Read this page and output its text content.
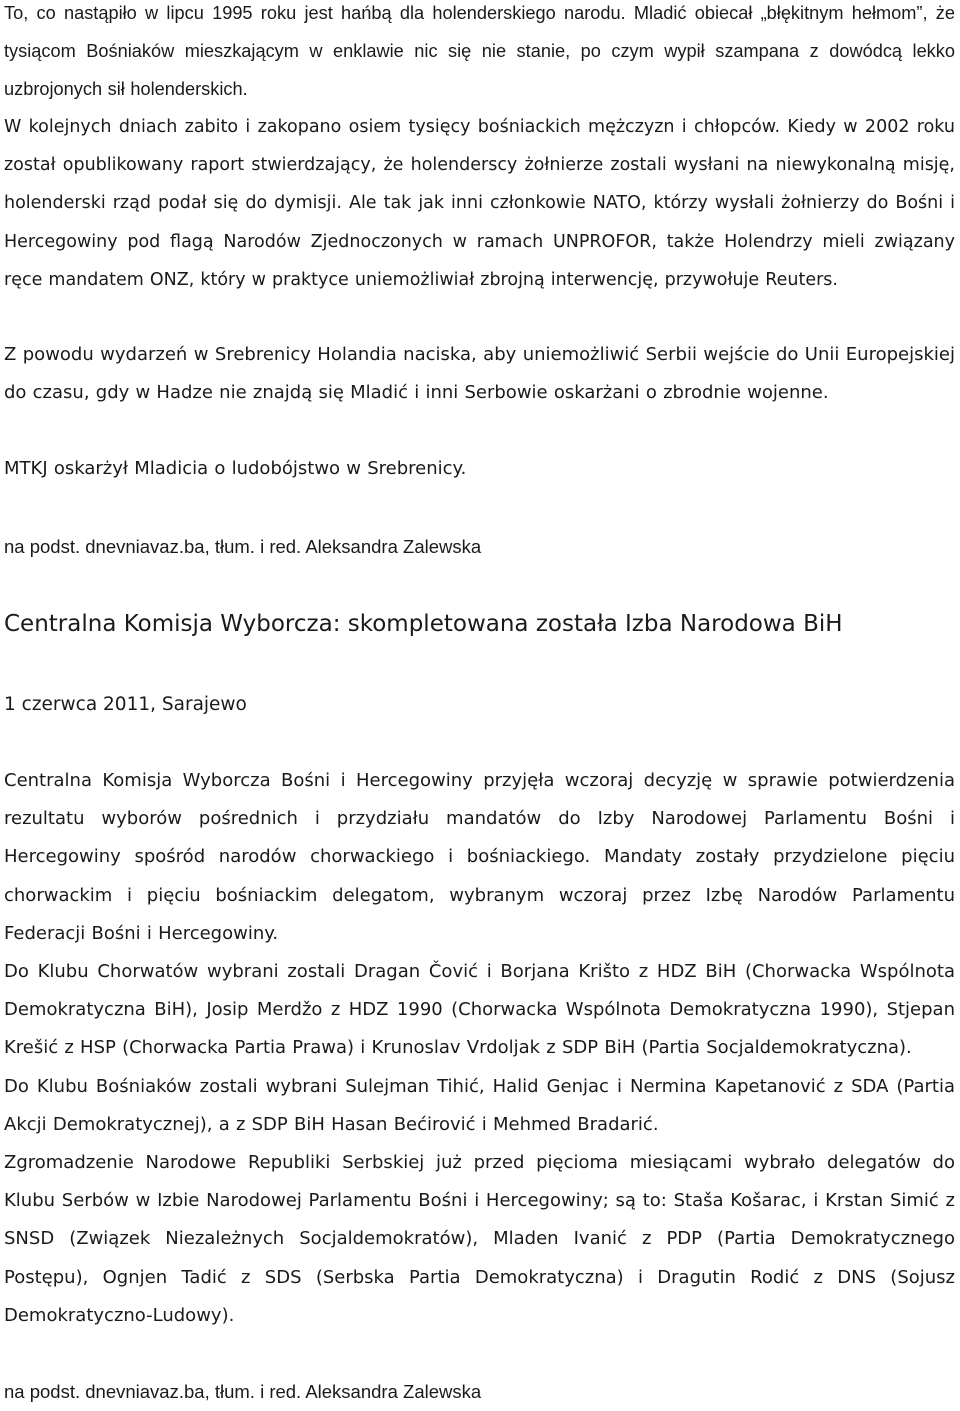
To, co nastąpiło w lipcu 1995 roku jest hańbą dla holenderskiego narodu. Mladić obiecał „błękitnym hełmom”, że tysiącom Bośniaków mieszkającym w enklawie nic się nie stanie, po czym wypił szampana z dowódcą lekko uzbrojonych sił holenderskich.

W kolejnych dniach zabito i zakopano osiem tysięcy bośniackich mężczyzn i chłopców. Kiedy w 2002 roku został opublikowany raport stwierdzający, że holenderscy żołnierze zostali wysłani na niewykonalną misję, holenderski rząd podał się do dymisji. Ale tak jak inni członkowie NATO, którzy wysłali żołnierzy do Bośni i Hercegowiny pod flagą Narodów Zjednoczonych w ramach UNPROFOR, także Holendrzy mieli związany ręce mandatem ONZ, który w praktyce uniemożliwiał zbrojną interwencję, przywołuje Reuters.

Z powodu wydarzeń w Srebrenicy Holandia naciska, aby uniemożliwić Serbii wejście do Unii Europejskiej do czasu, gdy w Hadze nie znajdą się Mladić i inni Serbowie oskarżani o zbrodnie wojenne.

MTKJ oskarżył Mladicia o ludobójstwo w Srebrenicy.

na podst. dnevniavaz.ba, tłum. i red. Aleksandra Zalewska

Centralna Komisja Wyborcza: skompletowana została Izba Narodowa BiH

1 czerwca 2011, Sarajewo

Centralna Komisja Wyborcza Bośni i Hercegowiny przyjęła wczoraj decyzję w sprawie potwierdzenia rezultatu wyborów pośrednich i przydziału mandatów do Izby Narodowej Parlamentu Bośni i Hercegowiny spośród narodów chorwackiego i bośniackiego. Mandaty zostały przydzielone pięciu chorwackim i pięciu bośniackim delegatom, wybranym wczoraj przez Izbę Narodów Parlamentu Federacji Bośni i Hercegowiny.

Do Klubu Chorwatów wybrani zostali Dragan Čović i Borjana Krišto z HDZ BiH (Chorwacka Wspólnota Demokratyczna BiH), Josip Merdžo z HDZ 1990 (Chorwacka Wspólnota Demokratyczna 1990), Stjepan Krešić z HSP (Chorwacka Partia Prawa) i Krunoslav Vrdoljak z SDP BiH (Partia Socjaldemokratyczna).

Do Klubu Bośniaków zostali wybrani Sulejman Tihić, Halid Genjac i Nermina Kapetanović z SDA (Partia Akcji Demokratycznej), a z SDP BiH Hasan Bećirović i Mehmed Bradarić.

Zgromadzenie Narodowe Republiki Serbskiej już przed pięcioma miesiącami wybrało delegatów do Klubu Serbów w Izbie Narodowej Parlamentu Bośni i Hercegowiny; są to: Staša Košarac, i Krstan Simić z SNSD (Związek Niezależnych Socjaldemokratów), Mladen Ivanić z PDP (Partia Demokratycznego Postępu), Ognjen Tadić z SDS (Serbska Partia Demokratyczna) i Dragutin Rodić z DNS (Sojusz Demokratyczno-Ludowy).

na podst. dnevniavaz.ba, tłum. i red. Aleksandra Zalewska
